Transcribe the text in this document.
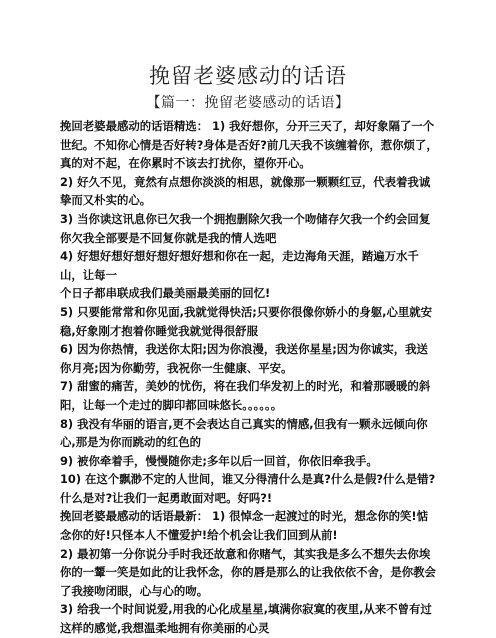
挽留老婆感动的话语
【篇一：挽留老婆感动的话语】

挽回老婆最感动的话语精选： 1) 我好想你，分开三天了，却好象隔了一个世纪。不知你心情是否好转?身体是否好?前几天我不该缠着你，惹你烦了，真的对不起，在你累时不该去打扰你，望你开心。

2) 好久不见，竟然有点想你淡淡的相思，就像那一颗颗红豆，代表着我诚挚而又朴实的心。

3) 当你读这讯息你已欠我一个拥抱删除欠我一个吻储存欠我一个约会回复你欠我全部要是不回复你就是我的情人选吧

4) 好想好想好想好想好想好想和你在一起，走边海角天涯，踏遍万水千山，让每一

个日子都串联成我们最美丽最美丽的回忆!

5) 只要能常常和你见面,我就觉得快活;只要你很像你娇小的身躯,心里就安稳,好象刚才抱着你睡觉我就觉得很舒服

6) 因为你热情，我送你太阳;因为你浪漫，我送你星星;因为你诚实，我送你月亮;因为你勤劳，我祝你一生健康、平安。

7) 甜蜜的痛苦，美妙的忧伤，将在我们华发初上的时光，和着那暖暖的斜阳，让每一个走过的脚印都回味悠长。。。。。。

8) 我没有华丽的语言,更不会表达自己真实的情感,但我有一颗永远倾向你心,那是为你而跳动的红色的

9) 被你牵着手，慢慢随你走;多年以后一回首，你依旧牵我手。

10) 在这个飘渺不定的人世间，谁又分得清什么是真?什么是假?什么是错?什么是对?让我们一起勇敢面对吧。好吗?!

挽回老婆最感动的话语最新： 1) 很悼念一起渡过的时光，想念你的笑!惦念你的好!只怪本人不懂爱护!给个机会让我们回到从前!

2) 最初第一分你说分手时我还故意和你赌气，其实我是多么不想失去你埃你的一颦一笑是如此的让我怀念，你的唇是那么的让我依依不舍，是你教会了我接吻闭眼，心与心的吻。

3) 给我一个时间说爱,用我的心化成星星,填满你寂寞的夜里,从来不曾有过这样的感觉,我想温柔地拥有你美丽的心灵
